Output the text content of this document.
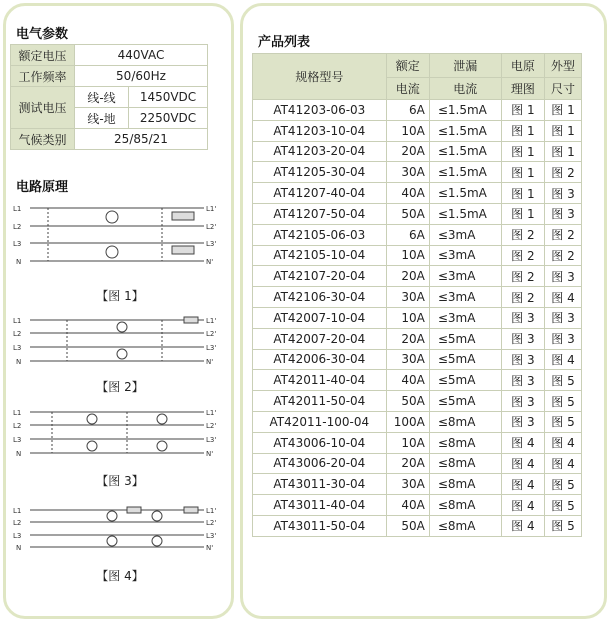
电气参数
额定电压	440VAC	
工作频率	50/60Hz	
测试电压	线-线	1450VDC
	线-地	2250VDC
气候类别	25/85/21	
电路原理
L1
L2
L3
N
L1'
L2'
L3'
N'
【图 1】
L1
L2
L3
N
L1'
L2'
L3'
N'
【图 2】
L1
L2
L3
N
L1'
L2'
L3'
N'
【图 3】
L1
L2
L3
N
L1'
L2'
L3'
N'
【图 4】
产品列表
规格型号	额定	泄漏	电原	外型
	电流	电流	理图	尺寸
AT41203-06-03	6A	≤1.5mA	图 1	图 1
AT41203-10-04	10A	≤1.5mA	图 1	图 1
AT41203-20-04	20A	≤1.5mA	图 1	图 1
AT41205-30-04	30A	≤1.5mA	图 1	图 2
AT41207-40-04	40A	≤1.5mA	图 1	图 3
AT41207-50-04	50A	≤1.5mA	图 1	图 3
AT42105-06-03	6A	≤3mA	图 2	图 2
AT42105-10-04	10A	≤3mA	图 2	图 2
AT42107-20-04	20A	≤3mA	图 2	图 3
AT42106-30-04	30A	≤3mA	图 2	图 4
AT42007-10-04	10A	≤3mA	图 3	图 3
AT42007-20-04	20A	≤5mA	图 3	图 3
AT42006-30-04	30A	≤5mA	图 3	图 4
AT42011-40-04	40A	≤5mA	图 3	图 5
AT42011-50-04	50A	≤5mA	图 3	图 5
AT42011-100-04	100A	≤8mA	图 3	图 5
AT43006-10-04	10A	≤8mA	图 4	图 4
AT43006-20-04	20A	≤8mA	图 4	图 4
AT43011-30-04	30A	≤8mA	图 4	图 5
AT43011-40-04	40A	≤8mA	图 4	图 5
AT43011-50-04	50A	≤8mA	图 4	图 5
